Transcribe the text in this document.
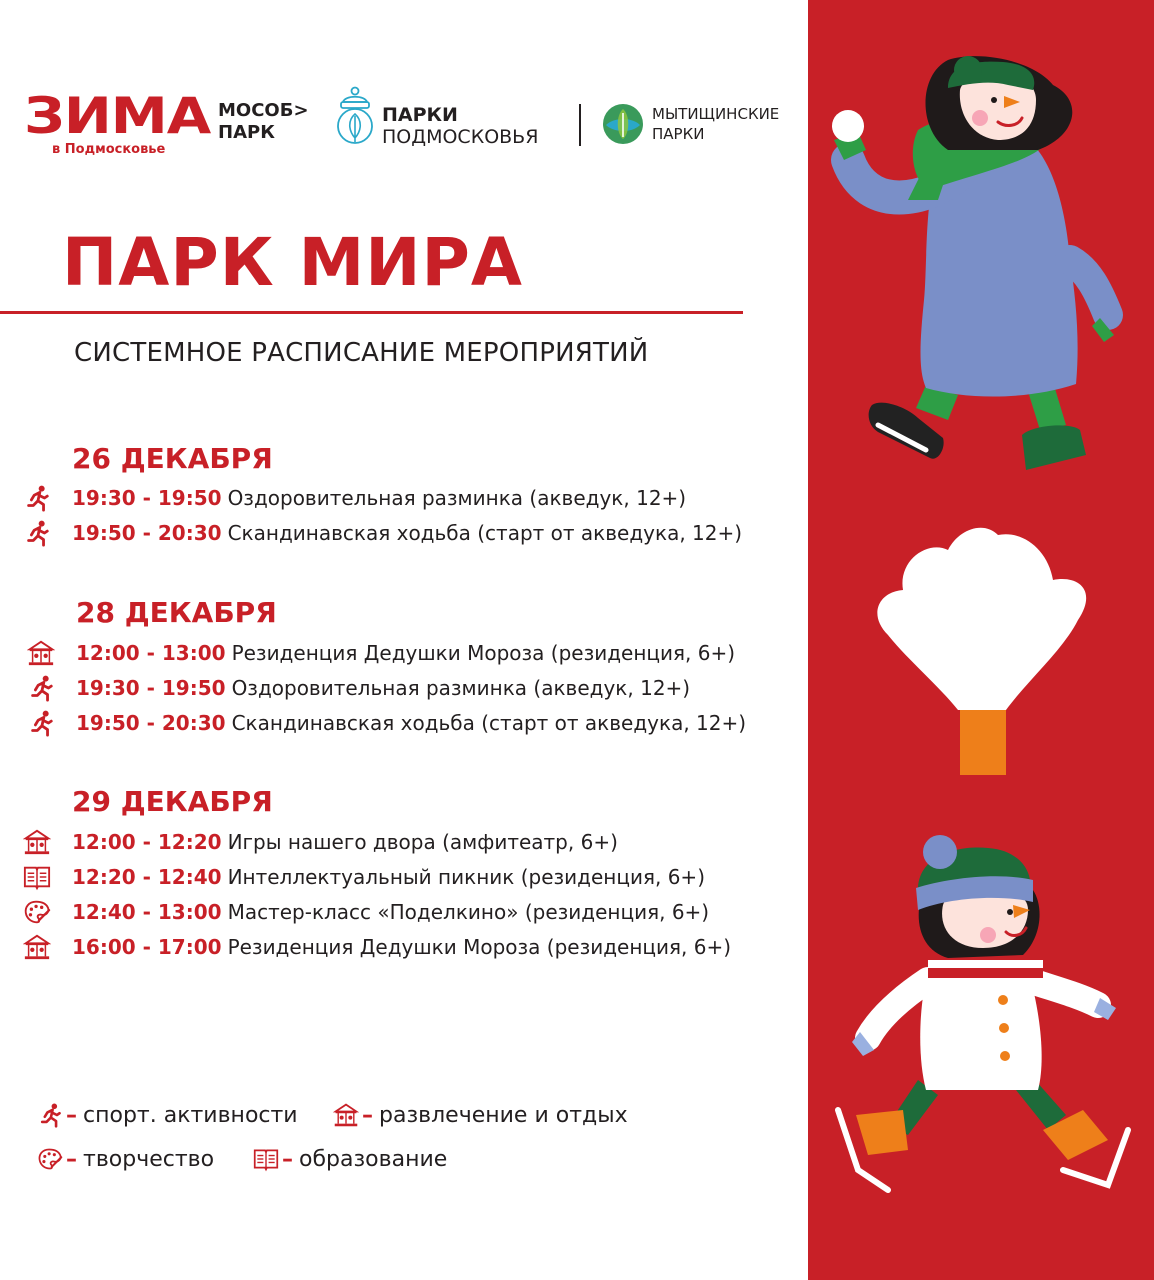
ЗИМА
в Подмосковье
МОСОБ>
ПАРК
ПАРКИ
ПОДМОСКОВЬЯ
МЫТИЩИНСКИЕ
ПАРКИ
ПАРК МИРА
СИСТЕМНОЕ РАСПИСАНИЕ МЕРОПРИЯТИЙ
26 ДЕКАБРЯ
19:30 - 19:50 Оздоровительная разминка (акведук, 12+)
19:50 - 20:30 Скандинавская ходьба (старт от акведука, 12+)
28 ДЕКАБРЯ
12:00 - 13:00 Резиденция Дедушки Мороза (резиденция, 6+)
19:30 - 19:50 Оздоровительная разминка (акведук, 12+)
19:50 - 20:30 Скандинавская ходьба (старт от акведука, 12+)
29 ДЕКАБРЯ
12:00 - 12:20 Игры нашего двора (амфитеатр, 6+)
12:20 - 12:40 Интеллектуальный пикник (резиденция, 6+)
12:40 - 13:00 Мастер-класс «Поделкино» (резиденция, 6+)
16:00 - 17:00 Резиденция Дедушки Мороза (резиденция, 6+)
– спорт. активности	– развлечение и отдых
– творчество	– образование
